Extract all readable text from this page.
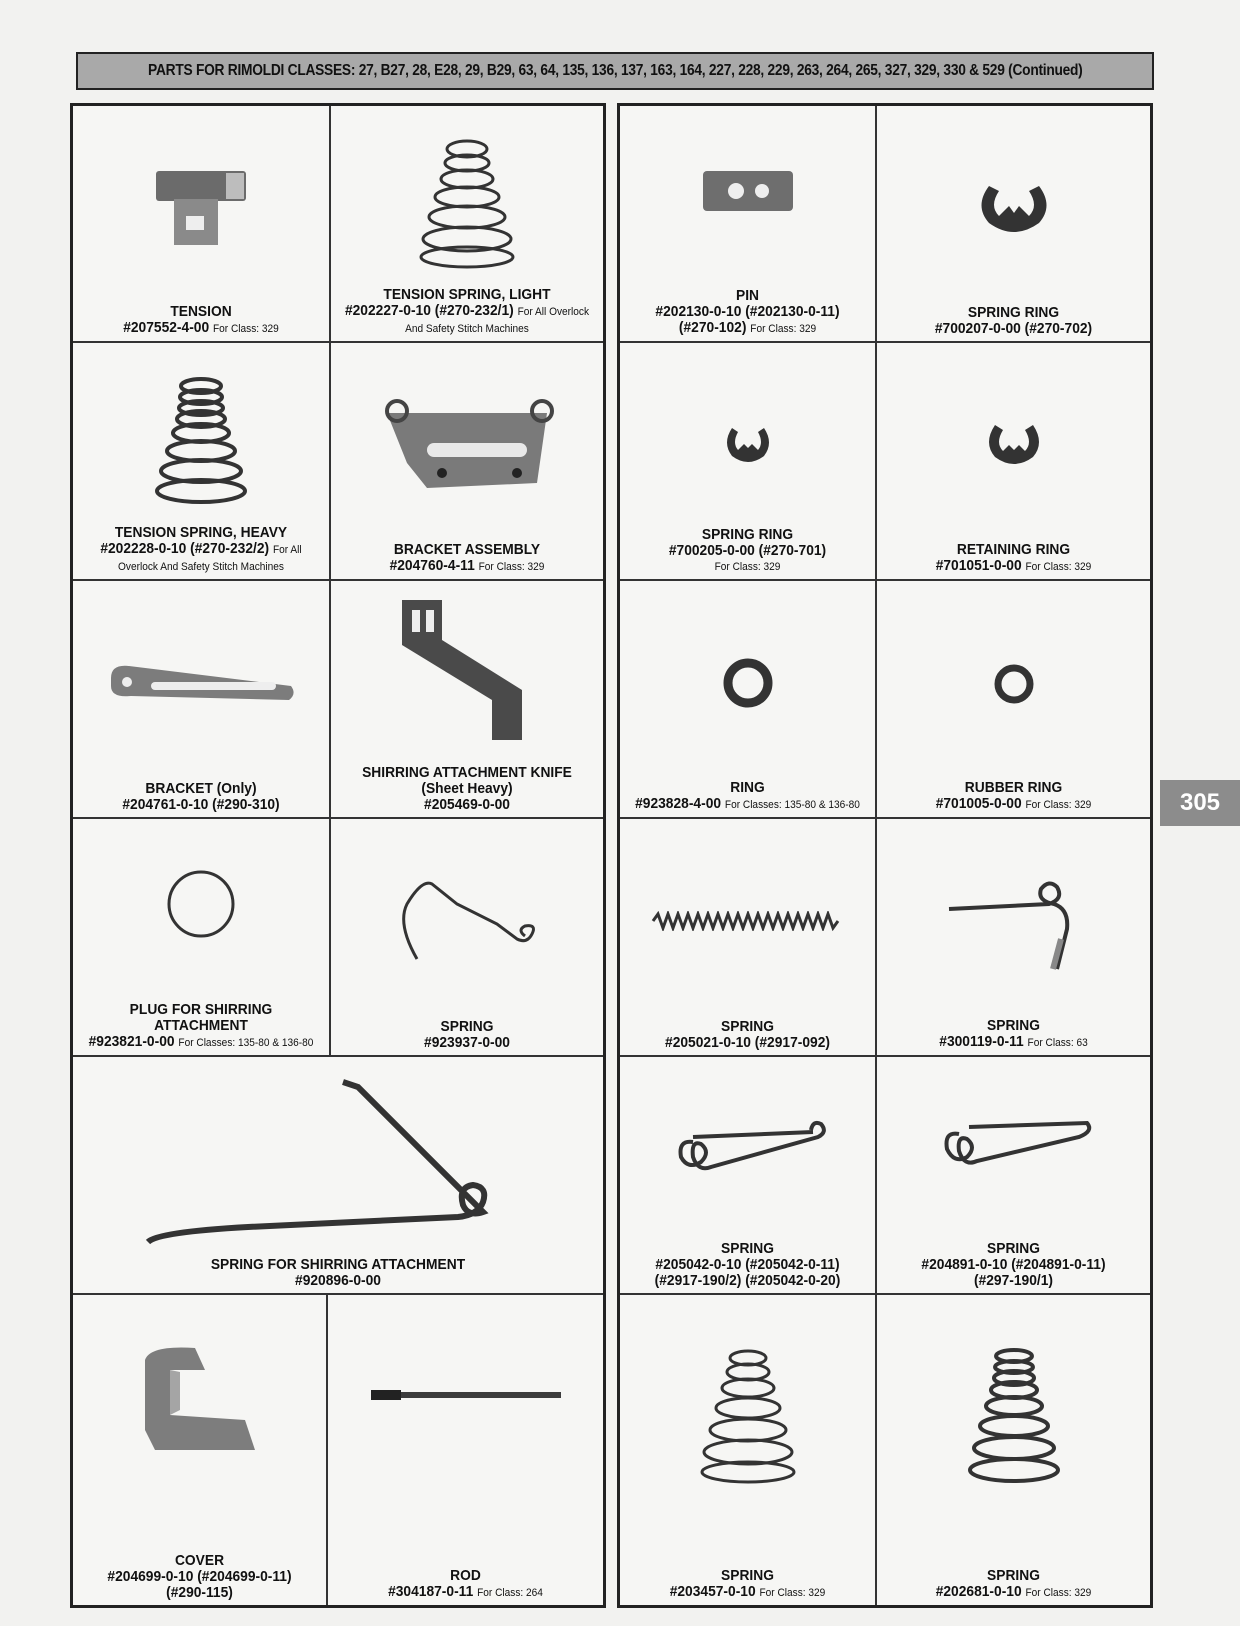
PARTS FOR RIMOLDI CLASSES: 27, B27, 28, E28, 29, B29, 63, 64, 135, 136, 137, 163, 164, 227, 228, 229, 263, 264, 265, 327, 329, 330 & 529 (Continued)
TENSION
#207552-4-00 For Class: 329
TENSION SPRING, LIGHT
#202227-0-10 (#270-232/1) For All Overlock And Safety Stitch Machines
TENSION SPRING, HEAVY
#202228-0-10 (#270-232/2) For All Overlock And Safety Stitch Machines
BRACKET ASSEMBLY
#204760-4-11 For Class: 329
BRACKET (Only)
#204761-0-10 (#290-310)
SHIRRING ATTACHMENT KNIFE
(Sheet Heavy)
#205469-0-00
PLUG FOR SHIRRING
ATTACHMENT
#923821-0-00 For Classes: 135-80 & 136-80
SPRING
#923937-0-00
SPRING FOR SHIRRING ATTACHMENT
#920896-0-00
COVER
#204699-0-10 (#204699-0-11)
(#290-115)
ROD
#304187-0-11 For Class: 264
PIN
#202130-0-10 (#202130-0-11)
(#270-102) For Class: 329
SPRING RING
#700207-0-00 (#270-702)
SPRING RING
#700205-0-00 (#270-701)
For Class: 329
RETAINING RING
#701051-0-00 For Class: 329
RING
#923828-4-00 For Classes: 135-80 & 136-80
RUBBER RING
#701005-0-00 For Class: 329
SPRING
#205021-0-10 (#2917-092)
SPRING
#300119-0-11 For Class: 63
SPRING
#205042-0-10 (#205042-0-11)
(#2917-190/2) (#205042-0-20)
SPRING
#204891-0-10 (#204891-0-11)
(#297-190/1)
SPRING
#203457-0-10 For Class: 329
SPRING
#202681-0-10 For Class: 329
305
